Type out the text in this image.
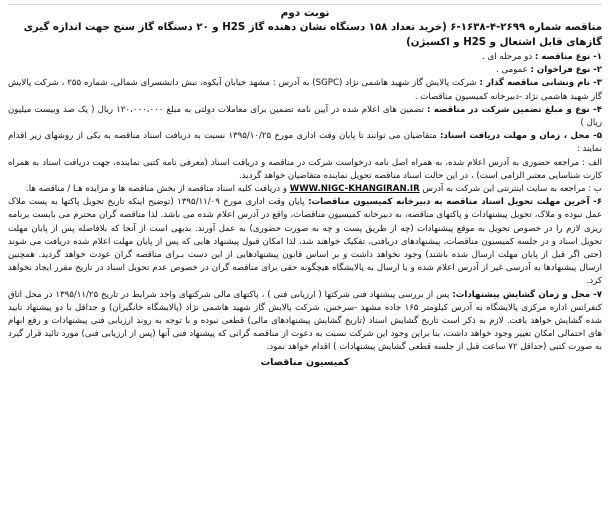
نوبت دوم
مناقصه شماره ۲۶۹۹-۴-۱۶۳۸-۶ (خرید تعداد ۱۵۸ دستگاه نشان دهنده گاز H2S و ۲۰ دستگاه گاز سنج جهت اندازه گیری گازهای قابل اشتعال و H2S و اکسیژن)

۱- نوع مناقصه : دو مرحله ای .

۲- نوع فراخوان : عمومی .

۳- نام ونشانی مناقصه گذار : شرکت پالایش گاز شهید هاشمی نژاد (SGPC) به آدرس : مشهد خیابان آبکوه، نبش دانشسرای شمالی، شماره ۲۵۵ ، شرکت پالایش گاز شهید هاشمی نژاد -دبیرخانه کمیسیون مناقصات .

۴- نوع و مبلغ تضمین شرکت در مناقصه : تضمین های اعلام شده در آیین نامه تضمین برای معاملات دولتی به مبلغ ۱۲۰،۰۰۰،۰۰۰ ریال ( یک صد وبیست میلیون ریال )

۵- محل ، زمان و مهلت دریافت اسناد: متقاضیان می توانند تا پایان وقت اداری مورخ ۱۳۹۵/۱۰/۲۵ نسبت به دریافت اسناد مناقصه به یکی از روشهای زیر اقدام نمایند :

الف : مراجعه حضوری به آدرس اعلام شده، به همراه اصل نامه درخواست شرکت در مناقصه و دریافت اسناد (معرفی نامه کتبی نماینده، جهت دریافت اسناد به همراه کارت شناسایی معتبر الزامی است) ، در این حالت اسناد مناقصه تحویل نماینده متقاضیان خواهد گردید.

ب : مراجعه به سایت اینترنتی این شرکت به آدرس WWW.NIGC-KHANGIRAN.IR و دریافت کلیه اسناد مناقصه از بخش مناقصه ها و مزایده هـا / مناقصه ها.

۶- آخرین مهلت تحویل اسناد مناقصه به دبیرخانه کمیسیون مناقصات: پایان وقت اداری مورخ ۱۳۹۵/۱۱/۰۹ (توضیح اینکه تاریخ تحویل پاکتها به پست ملاک عمل نبوده و ملاک، تحویل پیشنهادات و پاکتهای مناقصه، به دبیرخانه کمیسیون مناقصات، واقع در آدرس اعلام شده می باشد. لذا مناقصه گران محترم می بایست برنامه ریزی لازم را در خصوص تحویل به موقع پیشنهادات (چه از طریق پست و چه به صورت حضوری) به عمل آورند. بدیهی است از آنجا که بلافاصله پس از پایان مهلت تحویل اسناد و در جلسه کمیسیون مناقصات، پیشنهادهای دریافتی، تفکیک خواهند شد، لذا امکان قبول پیشنهاد هایی که پس از پایان مهلت اعلام شده دریافت می شوند (حتی اگر قبل از پایان مهلت ارسال شده باشند) وجود نخواهد داشت و بر اساس قانون پیشنهادهایی از این دست بـرای مناقصه گران عودت خواهد گردید. همچنین ارسال پیشنهادها به آدرسی غیر از آدرس اعلام شده و یا ارسال به پالایشگاه هیچگونه حقی برای مناقصه گران در خصوص عدم تحویل اسناد در تاریخ مقرر ایجاد نخواهد کرد.

۷- محل و زمان گشایش پیشنهادات: پس از بررسی پیشنهاد فنی شرکتها ( ارزیابی فنی ) ، پاکتهای مالی شرکتهای واجد شرایط در تاریخ ۱۳۹۵/۱۱/۲۵ در محل اتاق کنفرانس اداره مرکزی پالایشگاه به آدرس کیلومتر ۱۶۵ جاده مشهد -سرخس، شرکت پالایش گاز شهید هاشمی نژاد (پالایشگاه خانگیران) و جداقل با دو پیشنهاد تایید شده گشایش خواهد یافت. لازم به ذکر است تاریخ گشایش اسناد (تاریخ گشایش پیشنهادهای مالی) قطعی نبوده و با توجه به روند ارزیابی فنی پیشنهادات و رفع ابهام های احتمالی امکان تغییر وجود خواهد داشت، بنا براین وجود این شرکت نسبت به دعوت از مناقصه گرانی که پیشنهاد فنی آنها (پس از ارزیابی فنی) مورد تائید قرار گیرد به صورت کتبی (حداقل ۷۲ ساعت قبل از جلسه قطعی گشایش پیشنهادات ) اقدام خواهد نمود.

کمیسیون مناقصات
